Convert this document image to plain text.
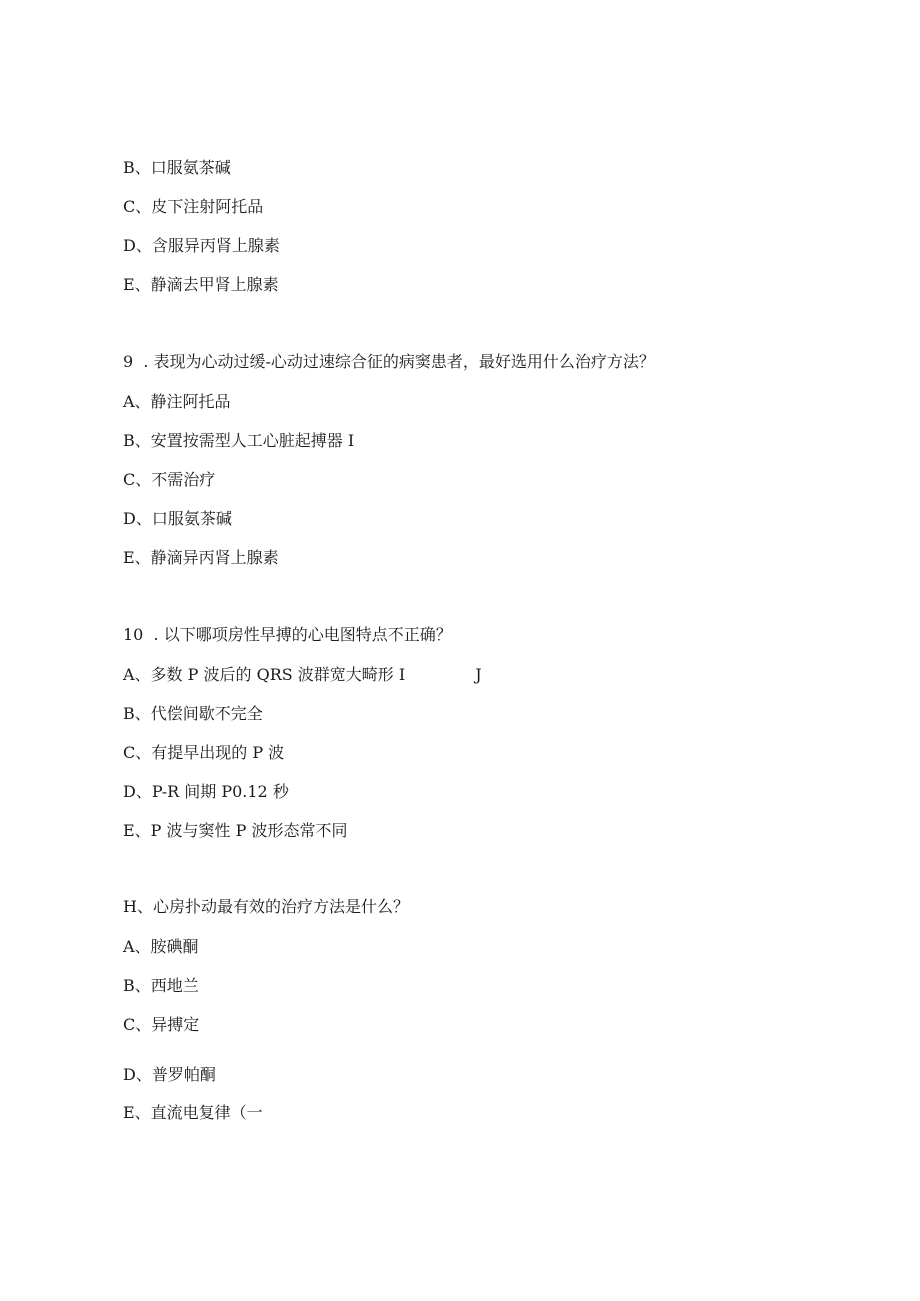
B、口服氨茶碱
C、皮下注射阿托品
D、含服异丙肾上腺素
E、静滴去甲肾上腺素
9  . 表现为心动过缓-心动过速综合征的病窦患者，最好选用什么治疗方法？
A、静注阿托品
B、安置按需型人工心脏起搏器 I
C、不需治疗
D、口服氨茶碱
E、静滴异丙肾上腺素
10  . 以下哪项房性早搏的心电图特点不正确？
A、多数 P 波后的 QRS 波群宽大畸形 I	J
B、代偿间歇不完全
C、有提早出现的 P 波
D、P-R 间期 P0.12 秒
E、P 波与窦性 P 波形态常不同
H、心房扑动最有效的治疗方法是什么？
A、胺碘酮
B、西地兰
C、异搏定
D、普罗帕酮
E、直流电复律（一
